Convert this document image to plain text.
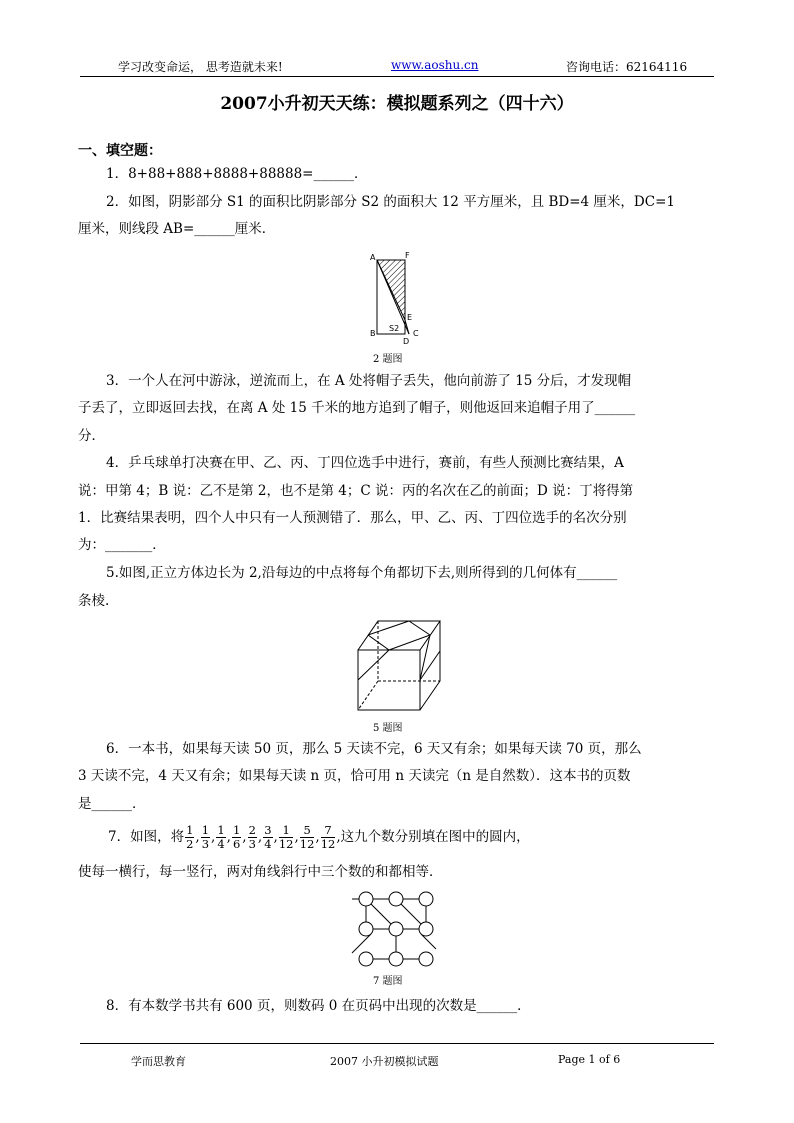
学习改变命运， 思考造就未来!	www.aoshu.cn	咨询电话：62164116
2007小升初天天练：模拟题系列之（四十六）
一、填空题：
1．8+88+888+8888+88888=______．
2．如图，阴影部分 S1 的面积比阴影部分 S2 的面积大 12 平方厘米，且 BD=4 厘米，DC=1
厘米，则线段 AB=______厘米．
A	F
B
E
S2
C
D
2 题图
3．一个人在河中游泳，逆流而上，在 A 处将帽子丢失，他向前游了 15 分后，才发现帽
子丢了，立即返回去找，在离 A 处 15 千米的地方追到了帽子，则他返回来追帽子用了______
分．
4．乒乓球单打决赛在甲、乙、丙、丁四位选手中进行，赛前，有些人预测比赛结果，A
说：甲第 4；B 说：乙不是第 2，也不是第 4；C 说：丙的名次在乙的前面；D 说：丁将得第
1．比赛结果表明，四个人中只有一人预测错了．那么，甲、乙、丙、丁四位选手的名次分别
为：_______．
5.如图,正立方体边长为 2,沿每边的中点将每个角都切下去,则所得到的几何体有______
条棱.
5 题图
6．一本书，如果每天读 50 页，那么 5 天读不完，6 天又有余；如果每天读 70 页，那么
3 天读不完，4 天又有余；如果每天读 n 页，恰可用 n 天读完（n 是自然数）．这本书的页数
是______．
7．如图，将 $\frac{1}{2}$ , $\frac{1}{3}$ , $\frac{1}{4}$ , $\frac{1}{6}$ , $\frac{2}{3}$ , $\frac{3}{4}$ , $\frac{1}{12}$ , $\frac{5}{12}$ , $\frac{7}{12}$ ,这九个数分别填在图中的圆内，
使每一横行，每一竖行，两对角线斜行中三个数的和都相等．
7 题图
8．有本数学书共有 600 页，则数码 0 在页码中出现的次数是______．
学而思教育	2007 小升初模拟试题	Page 1 of 6
